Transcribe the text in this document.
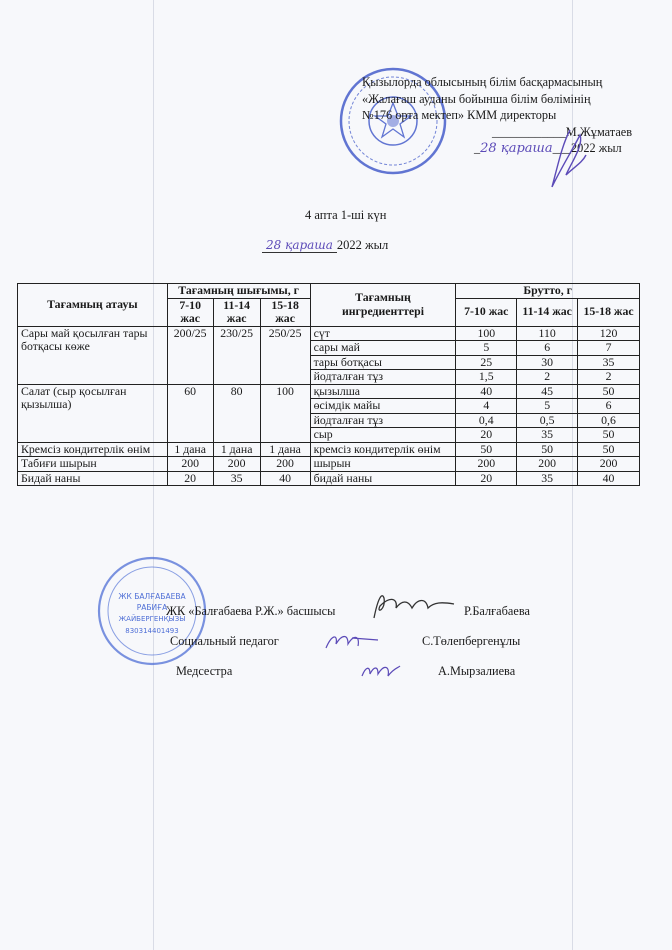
Қызылорда облысының білім басқармасының
«Жалағаш ауданы бойынша білім бөлімінің
№176 орта мектеп» КММ директоры
____________М.Жұматаев
_28 қараша___2022 жыл
4 апта 1-ші күн
28 қараша 2022 жыл
Тағамның атауы	Тағамның шығымы, г			Тағамның ингредиенттері	Брутто, г		
	7-10 жас	11-14 жас	15-18 жас		7-10 жас	11-14 жас	15-18 жас
Сары май қосылған тары ботқасы көже	200/25	230/25	250/25	сүт	100	110	120
				сары май	5	6	7
				тары ботқасы	25	30	35
				йодталған тұз	1,5	2	2
Салат (сыр қосылған қызылша)	60	80	100	қызылша	40	45	50
				өсімдік майы	4	5	6
				йодталған тұз	0,4	0,5	0,6
				сыр	20	35	50
Кремсіз кондитерлік өнім	1 дана	1 дана	1 дана	кремсіз кондитерлік өнім	50	50	50
Табиғи шырын	200	200	200	шырын	200	200	200
Бидай наны	20	35	40	бидай наны	20	35	40
ЖК БАЛҒАБАЕВА
РАБИҒА
ЖАЙБЕРГЕНҚЫЗЫ
830314401493
ЖК «Балғабаева Р.Ж.» басшысы	Р.Балғабаева
Социальный педагог	С.Төлепбергенұлы
Медсестра	А.Мырзалиева
